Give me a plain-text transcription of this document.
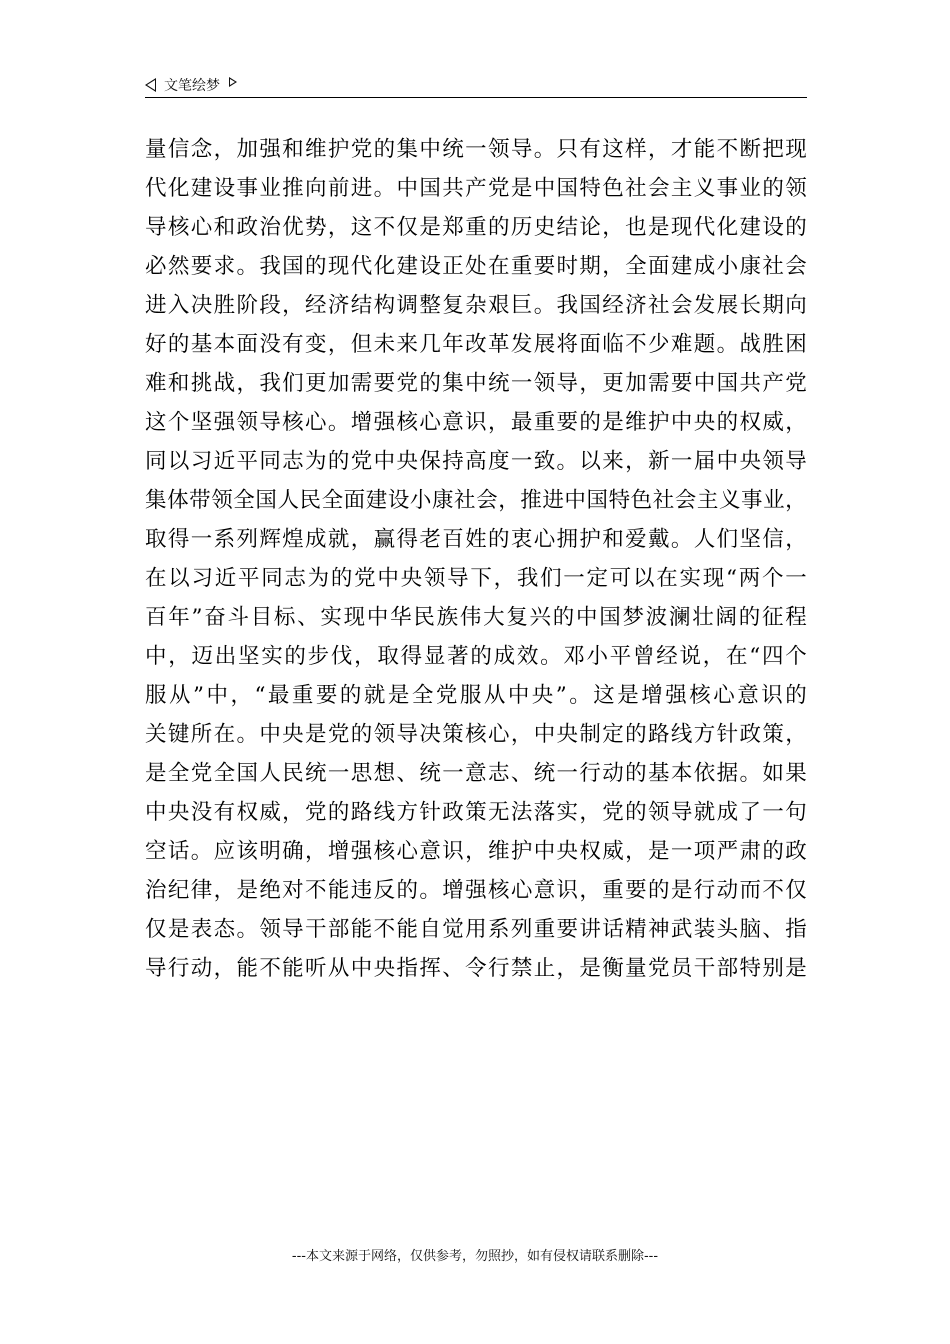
文笔绘梦
量信念，加强和维护党的集中统一领导。只有这样，才能不断把现
代化建设事业推向前进。中国共产党是中国特色社会主义事业的领
导核心和政治优势，这不仅是郑重的历史结论，也是现代化建设的
必然要求。我国的现代化建设正处在重要时期，全面建成小康社会
进入决胜阶段，经济结构调整复杂艰巨。我国经济社会发展长期向
好的基本面没有变，但未来几年改革发展将面临不少难题。战胜困
难和挑战，我们更加需要党的集中统一领导，更加需要中国共产党
这个坚强领导核心。增强核心意识，最重要的是维护中央的权威，
同以习近平同志为的党中央保持高度一致。以来，新一届中央领导
集体带领全国人民全面建设小康社会，推进中国特色社会主义事业，
取得一系列辉煌成就，赢得老百姓的衷心拥护和爱戴。人们坚信，
在以习近平同志为的党中央领导下，我们一定可以在实现“两个一
百年”奋斗目标、实现中华民族伟大复兴的中国梦波澜壮阔的征程
中，迈出坚实的步伐，取得显著的成效。邓小平曾经说，在“四个
服从”中，“最重要的就是全党服从中央”。这是增强核心意识的
关键所在。中央是党的领导决策核心，中央制定的路线方针政策，
是全党全国人民统一思想、统一意志、统一行动的基本依据。如果
中央没有权威，党的路线方针政策无法落实，党的领导就成了一句
空话。应该明确，增强核心意识，维护中央权威，是一项严肃的政
治纪律，是绝对不能违反的。增强核心意识，重要的是行动而不仅
仅是表态。领导干部能不能自觉用系列重要讲话精神武装头脑、指
导行动，能不能听从中央指挥、令行禁止，是衡量党员干部特别是
---本文来源于网络，仅供参考，勿照抄，如有侵权请联系删除---
